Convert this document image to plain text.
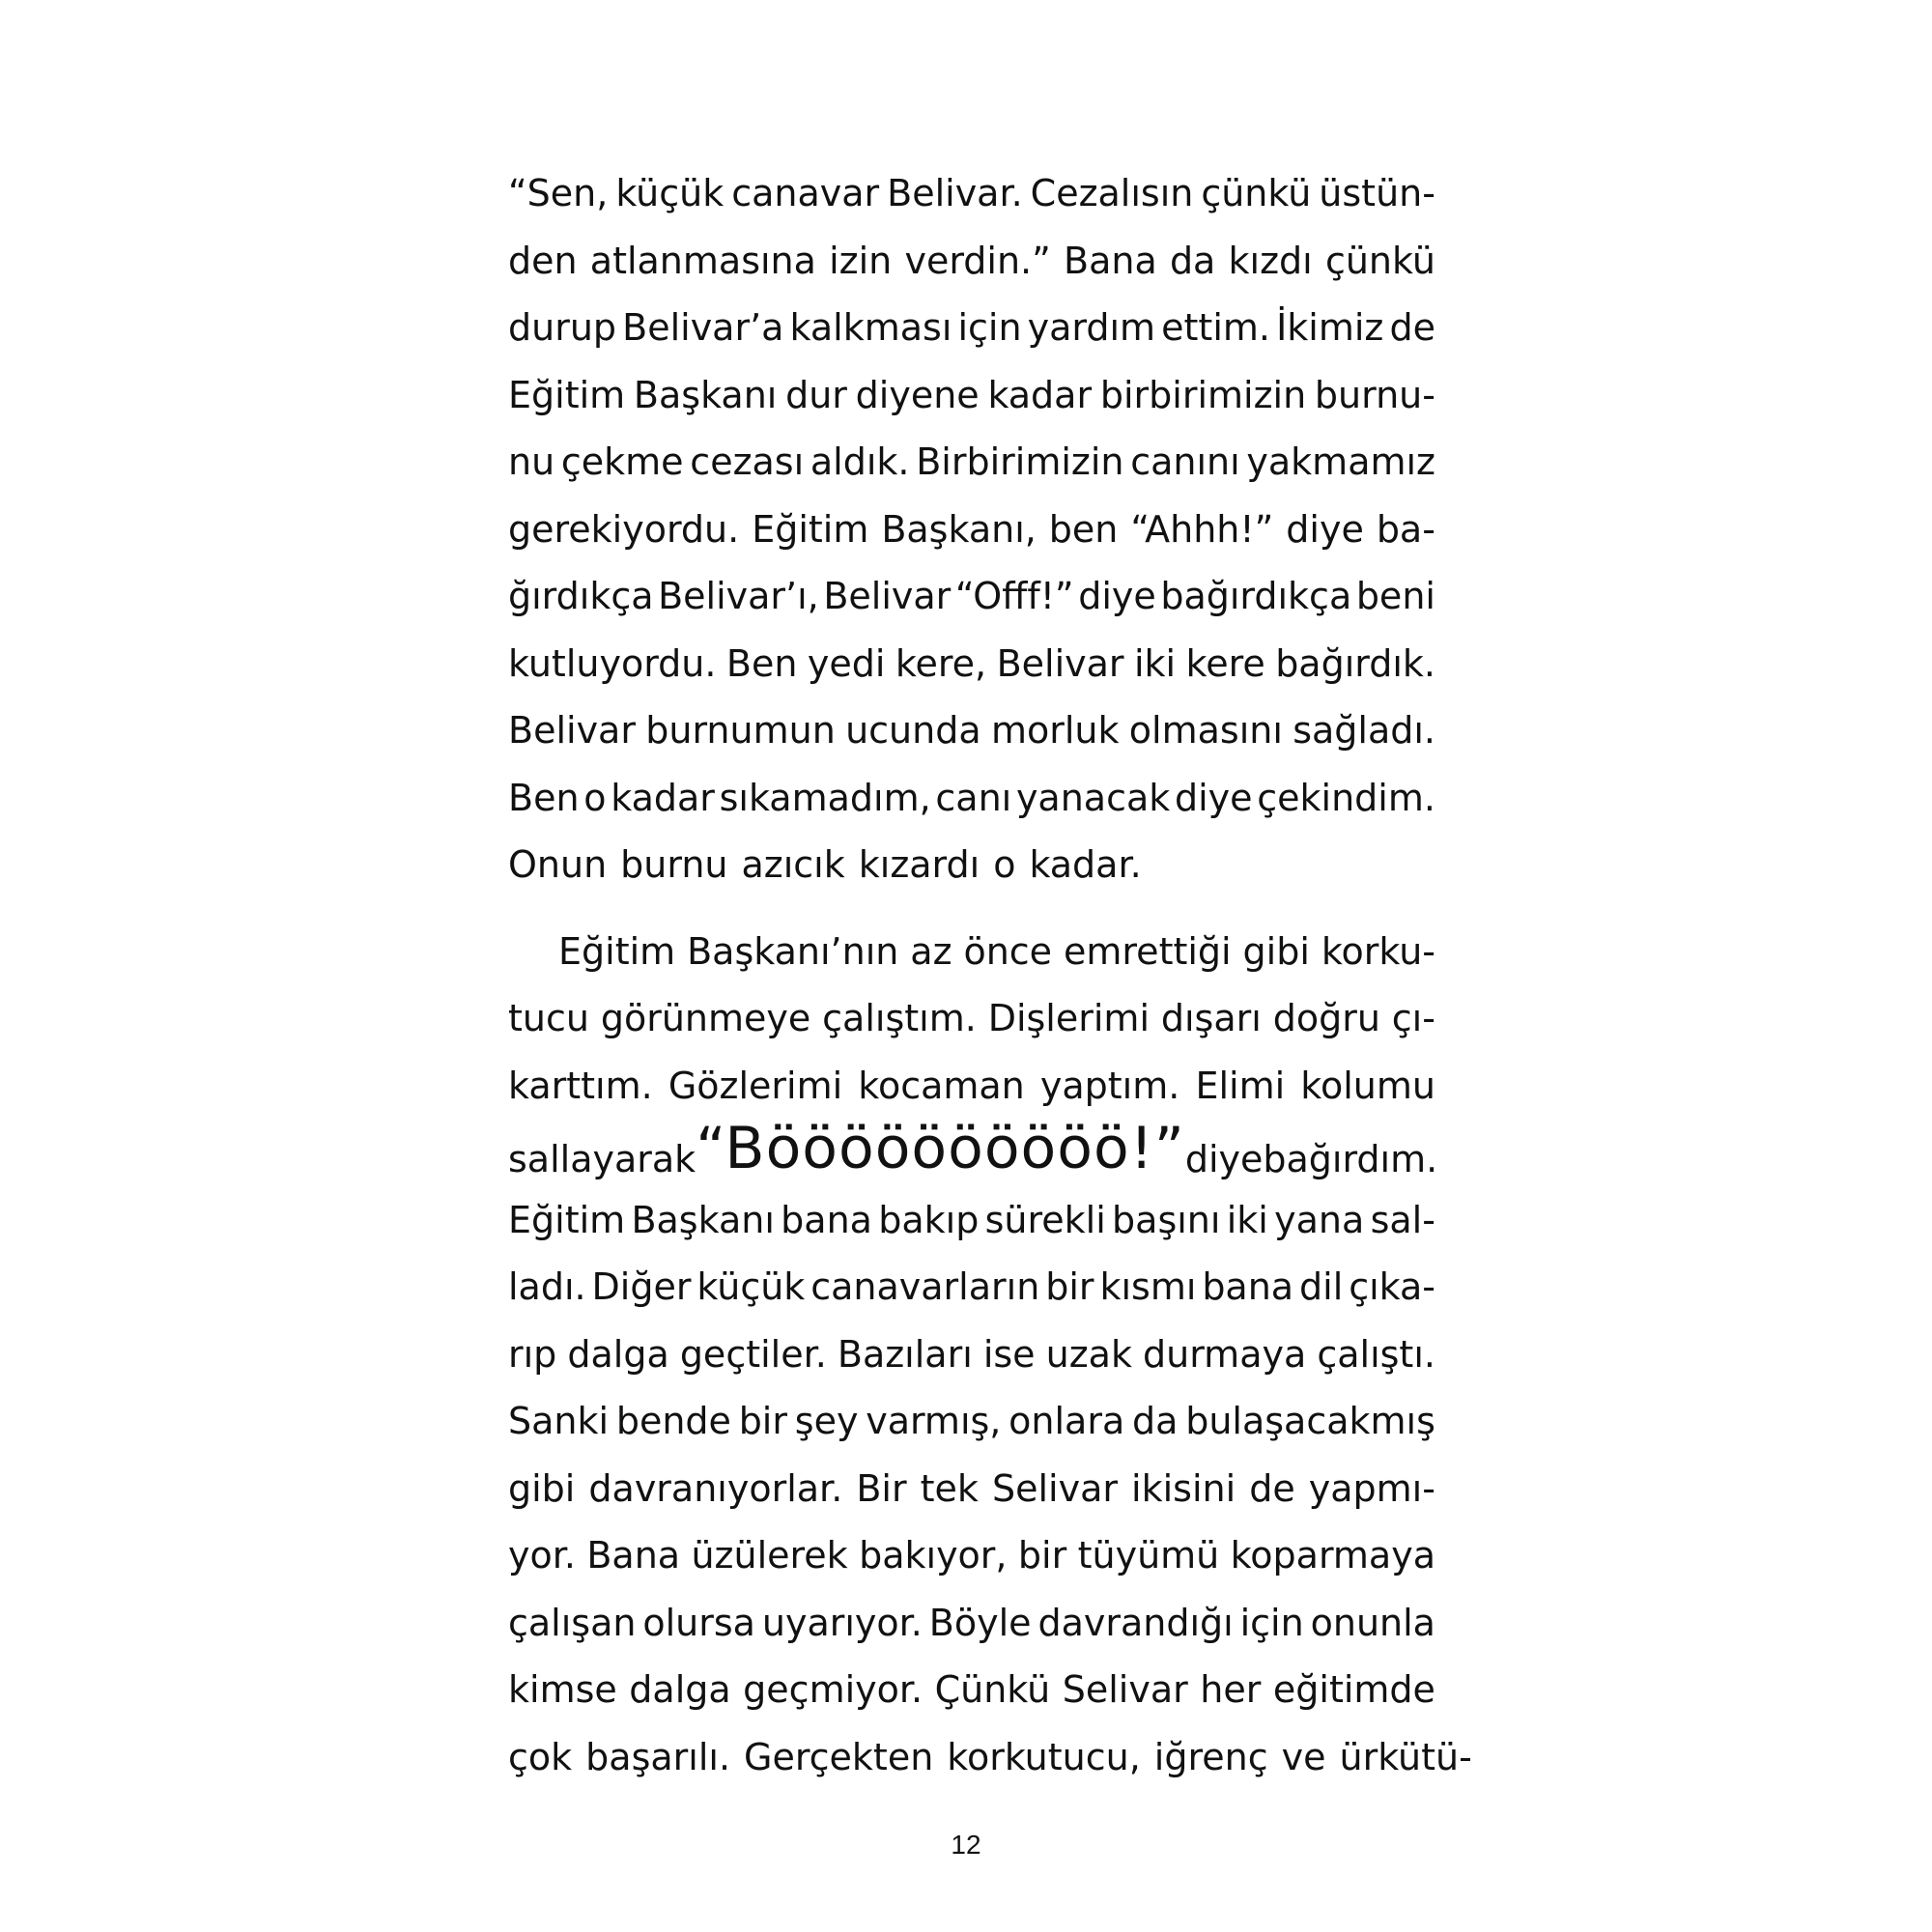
“Sen, küçük canavar Belivar. Cezalısın çünkü üstün-
den atlanmasına izin verdin.” Bana da kızdı çünkü
durup Belivar’a kalkması için yardım ettim. İkimiz de
Eğitim Başkanı dur diyene kadar birbirimizin burnu-
nu çekme cezası aldık. Birbirimizin canını yakmamız
gerekiyordu. Eğitim Başkanı, ben “Ahhh!” diye ba-
ğırdıkça Belivar’ı, Belivar “Offf!” diye bağırdıkça beni
kutluyordu. Ben yedi kere, Belivar iki kere bağırdık.
Belivar burnumun ucunda morluk olmasını sağladı.
Ben o kadar sıkamadım, canı yanacak diye çekindim.
Onun burnu azıcık kızardı o kadar.
Eğitim Başkanı’nın az önce emrettiği gibi korku-
tucu görünmeye çalıştım. Dişlerimi dışarı doğru çı-
karttım. Gözlerimi kocaman yaptım. Elimi kolumu
sallayarak “Böööööööööö!” diye bağırdım.
Eğitim Başkanı bana bakıp sürekli başını iki yana sal-
ladı. Diğer küçük canavarların bir kısmı bana dil çıka-
rıp dalga geçtiler. Bazıları ise uzak durmaya çalıştı.
Sanki bende bir şey varmış, onlara da bulaşacakmış
gibi davranıyorlar. Bir tek Selivar ikisini de yapmı-
yor. Bana üzülerek bakıyor, bir tüyümü koparmaya
çalışan olursa uyarıyor. Böyle davrandığı için onunla
kimse dalga geçmiyor. Çünkü Selivar her eğitimde
çok başarılı. Gerçekten korkutucu, iğrenç ve ürkütü-
12
